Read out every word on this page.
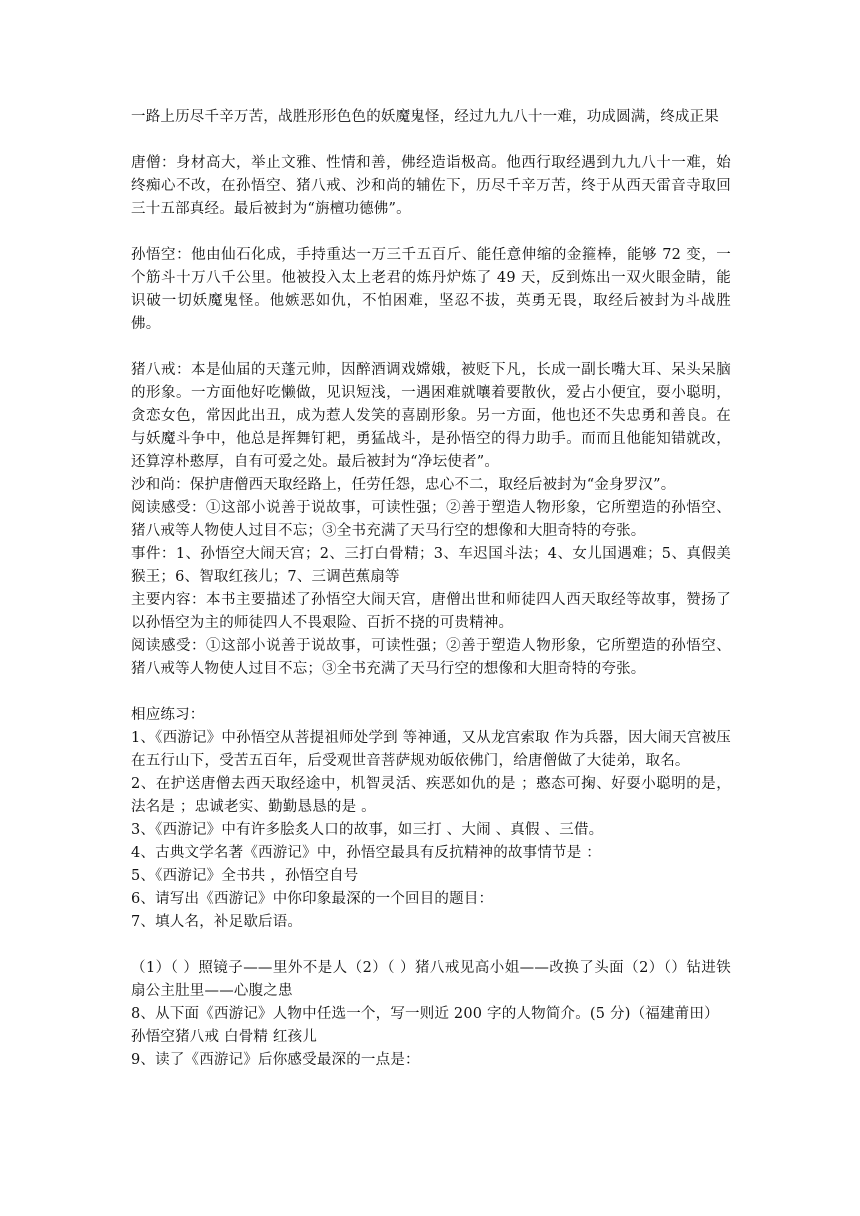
一路上历尽千辛万苦，战胜形形色色的妖魔鬼怪，经过九九八十一难，功成圆满，终成正果

唐僧：身材高大，举止文雅、性情和善，佛经造诣极高。他西行取经遇到九九八十一难，始终痴心不改，在孙悟空、猪八戒、沙和尚的辅佐下，历尽千辛万苦，终于从西天雷音寺取回三十五部真经。最后被封为“旃檀功德佛”。

孙悟空：他由仙石化成，手持重达一万三千五百斤、能任意伸缩的金箍棒，能够 72 变，一个筋斗十万八千公里。他被投入太上老君的炼丹炉炼了 49 天，反到炼出一双火眼金睛，能识破一切妖魔鬼怪。他嫉恶如仇，不怕困难，坚忍不拔，英勇无畏，取经后被封为斗战胜佛。

猪八戒：本是仙届的天蓬元帅，因醉酒调戏嫦娥，被贬下凡，长成一副长嘴大耳、呆头呆脑的形象。一方面他好吃懒做，见识短浅，一遇困难就嚷着要散伙，爱占小便宜，耍小聪明，贪恋女色，常因此出丑，成为惹人发笑的喜剧形象。另一方面，他也还不失忠勇和善良。在与妖魔斗争中，他总是挥舞钉耙，勇猛战斗，是孙悟空的得力助手。而而且他能知错就改，还算淳朴憨厚，自有可爱之处。最后被封为“净坛使者”。

沙和尚：保护唐僧西天取经路上，任劳任怨，忠心不二，取经后被封为“金身罗汉”。

阅读感受：①这部小说善于说故事，可读性强；②善于塑造人物形象，它所塑造的孙悟空、猪八戒等人物使人过目不忘；③全书充满了天马行空的想像和大胆奇特的夸张。

事件：1、孙悟空大闹天宫；2、三打白骨精；3、车迟国斗法；4、女儿国遇难；5、真假美猴王；6、智取红孩儿；7、三调芭蕉扇等

主要内容：本书主要描述了孙悟空大闹天宫，唐僧出世和师徒四人西天取经等故事，赞扬了以孙悟空为主的师徒四人不畏艰险、百折不挠的可贵精神。

阅读感受：①这部小说善于说故事，可读性强；②善于塑造人物形象，它所塑造的孙悟空、猪八戒等人物使人过目不忘；③全书充满了天马行空的想像和大胆奇特的夸张。

相应练习：

1、《西游记》中孙悟空从菩提祖师处学到 等神通，又从龙宫索取 作为兵器，因大闹天宫被压在五行山下，受苦五百年，后受观世音菩萨规劝皈依佛门，给唐僧做了大徒弟，取名。

2、在护送唐僧去西天取经途中，机智灵活、疾恶如仇的是 ；憨态可掬、好耍小聪明的是，法名是 ；忠诚老实、勤勤恳恳的是 。

3、《西游记》中有许多脍炙人口的故事，如三打 、大闹 、真假 、三借。

4、古典文学名著《西游记》中，孙悟空最具有反抗精神的故事情节是 ：

5、《西游记》全书共 ，孙悟空自号

6、请写出《西游记》中你印象最深的一个回目的题目：

7、填人名，补足歇后语。

（1）（ ）照镜子——里外不是人（2）（ ）猪八戒见高小姐——改换了头面（2）（）钻进铁扇公主肚里——心腹之患

8、从下面《西游记》人物中任选一个，写一则近 200 字的人物简介。(5 分)（福建莆田）

孙悟空猪八戒 白骨精 红孩儿

9、读了《西游记》后你感受最深的一点是：
